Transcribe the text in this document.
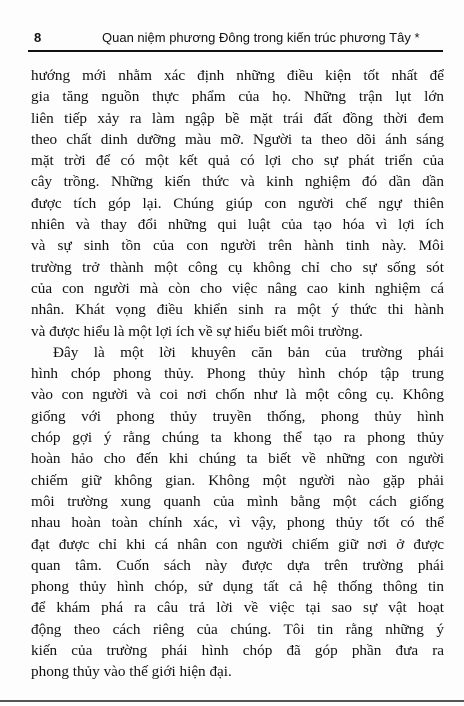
8	Quan niệm phương Đông trong kiến trúc phương Tây *
hướng mới nhằm xác định những điều kiện tốt nhất để
gia tăng nguồn thực phẩm của họ. Những trận lụt lớn
liên tiếp xảy ra làm ngập bề mặt trái đất đồng thời đem
theo chất dinh dưỡng màu mỡ. Người ta theo dõi ánh sáng
mặt trời để có một kết quả có lợi cho sự phát triển của
cây trồng. Những kiến thức và kinh nghiệm đó dần dần
được tích góp lại. Chúng giúp con người chế ngự thiên
nhiên và thay đổi những qui luật của tạo hóa vì lợi ích
và sự sinh tồn của con người trên hành tinh này. Môi
trường trở thành một công cụ không chỉ cho sự sống sót
của con người mà còn cho việc nâng cao kinh nghiệm cá
nhân. Khát vọng điều khiển sinh ra một ý thức thi hành
và được hiểu là một lợi ích về sự hiểu biết môi trường.
Đây là một lời khuyên căn bản của trường phái
hình chóp phong thủy. Phong thủy hình chóp tập trung
vào con người và coi nơi chốn như là một công cụ. Không
giống với phong thủy truyền thống, phong thủy hình
chóp gợi ý rằng chúng ta khong thể tạo ra phong thủy
hoàn hảo cho đến khi chúng ta biết về những con người
chiếm giữ không gian. Không một người nào gặp phải
môi trường xung quanh của mình bằng một cách giống
nhau hoàn toàn chính xác, vì vậy, phong thủy tốt có thể
đạt được chỉ khi cá nhân con người chiếm giữ nơi ở được
quan tâm. Cuốn sách này được dựa trên trường phái
phong thủy hình chóp, sử dụng tất cả hệ thống thông tin
để khám phá ra câu trả lời về việc tại sao sự vật hoạt
động theo cách riêng của chúng. Tôi tin rằng những ý
kiến của trường phái hình chóp đã góp phần đưa ra
phong thủy vào thế giới hiện đại.
